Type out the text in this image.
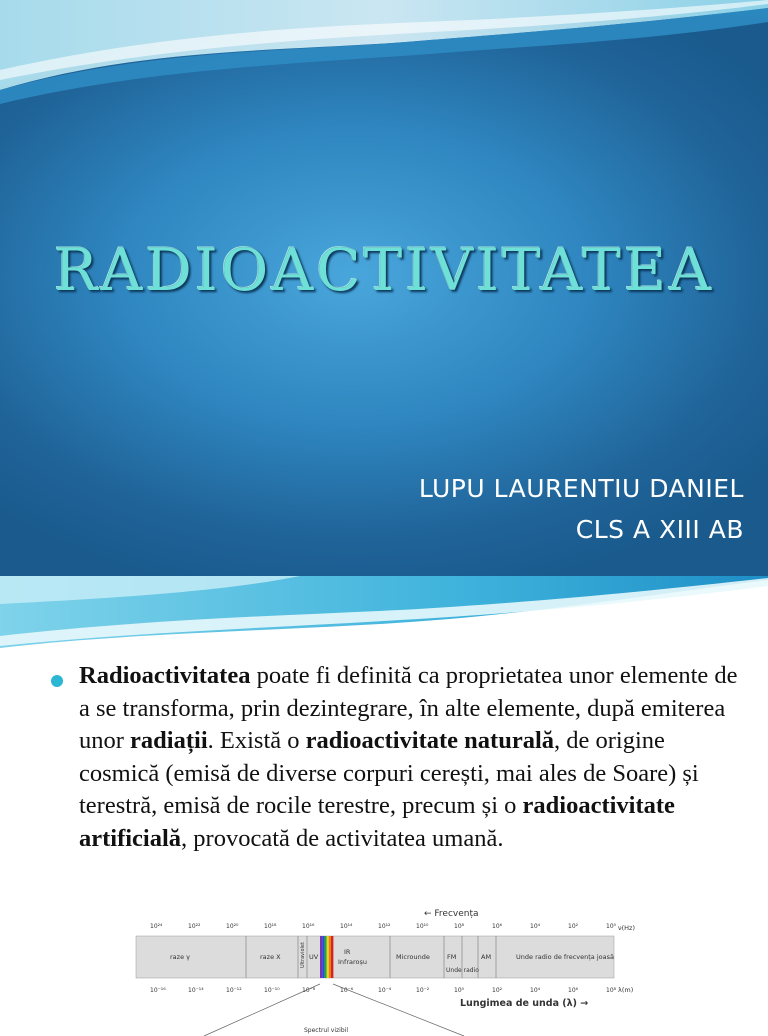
RADIOACTIVITATEA
LUPU LAURENTIU DANIEL
CLS A XIII AB

Radioactivitatea poate fi definită ca proprietatea unor elemente de a se transforma, prin dezintegrare, în alte elemente, după emiterea unor radiații. Există o radioactivitate naturală, de origine cosmică (emisă de diverse corpuri cerești, mai ales de Soare) și terestră, emisă de rocile terestre, precum și o radioactivitate artificială, provocată de activitatea umană.

← Frecvența
10²⁴	10²²	10²⁰	10¹⁸	10¹⁶	10¹⁴	10¹²	10¹⁰	10⁸	10⁶	10⁴	10²	10⁰ ν(Hz)
raze γ	raze X	Ultraviolet UV
IR
Infraroșu
Microunde	FM	AM
Unde radio
Unde radio de frecvența joasă
10⁻¹⁶	10⁻¹⁴	10⁻¹²	10⁻¹⁰	10⁻⁸	10⁻⁶	10⁻⁴	10⁻²	10⁰	10²	10⁴	10⁶	10⁸ λ(m)
Lungimea de unda (λ) →
Spectrul vizibil
